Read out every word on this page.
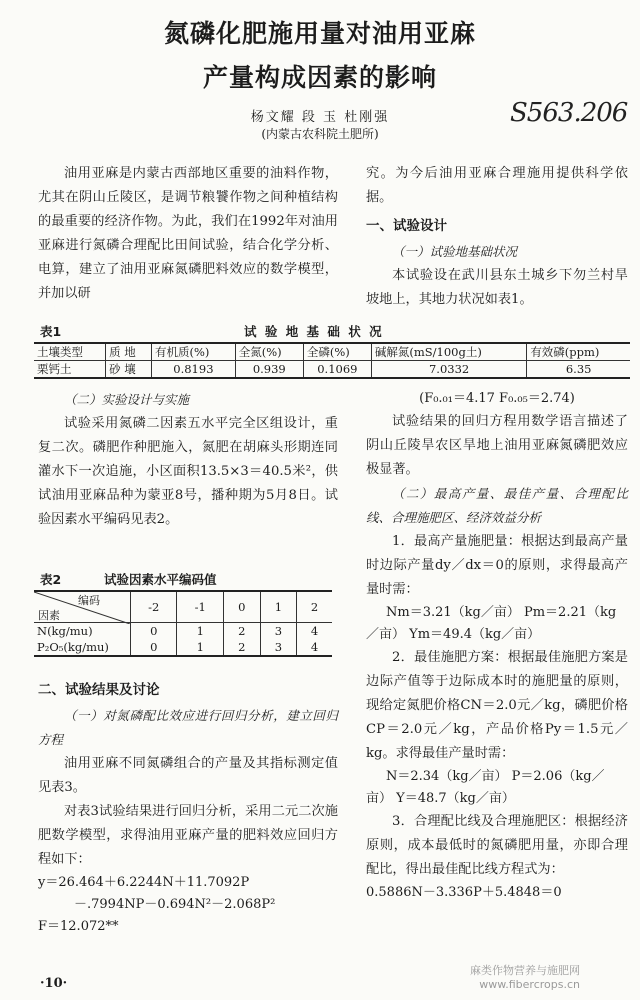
氮磷化肥施用量对油用亚麻
产量构成因素的影响
杨文耀 段 玉 杜刚强
(内蒙古农科院土肥所)
S563.206

油用亚麻是内蒙古西部地区重要的油料作物，尤其在阴山丘陵区，是调节粮饕作物之间种植结构的最重要的经济作物。为此，我们在1992年对油用亚麻进行氮磷合理配比田间试验，结合化学分析、电算，建立了油用亚麻氮磷肥料效应的数学模型，并加以研

究。为今后油用亚麻合理施用提供科学依据。

一、试验设计

（一）试验地基础状况

本试验设在武川县东土城乡下勿兰村旱坡地上，其地力状况如表1。

表1	试 验 地 基 础 状 况
土壤类型	质 地	有机质(%)	全氮(%)	全磷(%)	碱解氮(mS/100g土)	有效磷(ppm)
栗钙土	砂 壤	0.8193	0.939	0.1069	7.0332	6.35

（二）实验设计与实施

试验采用氮磷二因素五水平完全区组设计，重复二次。磷肥作种肥施入，氮肥在胡麻头形期连同灌水下一次追施，小区面积13.5×3＝40.5米²，供试油用亚麻品种为蒙亚8号，播种期为5月8日。试验因素水平编码见表2。

表2	试验因素水平编码值
编码
因素	-2	-1	0	1	2
N(kg/mu)	0	1	2	3	4
P₂O₅(kg/mu)	0	1	2	3	4
二、试验结果及讨论

（一）对氮磷配比效应进行回归分析，建立回归方程

油用亚麻不同氮磷组合的产量及其指标测定值见表3。

对表3试验结果进行回归分析，采用二元二次施肥数学模型，求得油用亚麻产量的肥料效应回归方程如下：

y＝26.464＋6.2244N＋11.7092P
－.7994NP－0.694N²－2.068P²
F＝12.072**
(F₀.₀₁＝4.17 F₀.₀₅＝2.74)

试验结果的回归方程用数学语言描述了阴山丘陵旱农区旱地上油用亚麻氮磷肥效应极显著。

（二）最高产量、最佳产量、合理配比线、合理施肥区、经济效益分析

1．最高产量施肥量：根据达到最高产量时边际产量dy／dx＝0的原则，求得最高产量时需：

Nm＝3.21（kg／亩） Pm＝2.21（kg／亩） Ym＝49.4（kg／亩）

2．最佳施肥方案：根据最佳施肥方案是边际产值等于边际成本时的施肥量的原则，现给定氮肥价格CN＝2.0元／kg，磷肥价格CP＝2.0元／kg，产品价格Py＝1.5元／kg。求得最佳产量时需：

N＝2.34（kg／亩） P＝2.06（kg／亩） Y＝48.7（kg／亩）

3．合理配比线及合理施肥区：根据经济原则，成本最低时的氮磷肥用量，亦即合理配比，得出最佳配比线方程式为：

0.5886N－3.336P＋5.4848＝0
·10·
麻类作物营养与施肥网
www.fibercrops.cn
